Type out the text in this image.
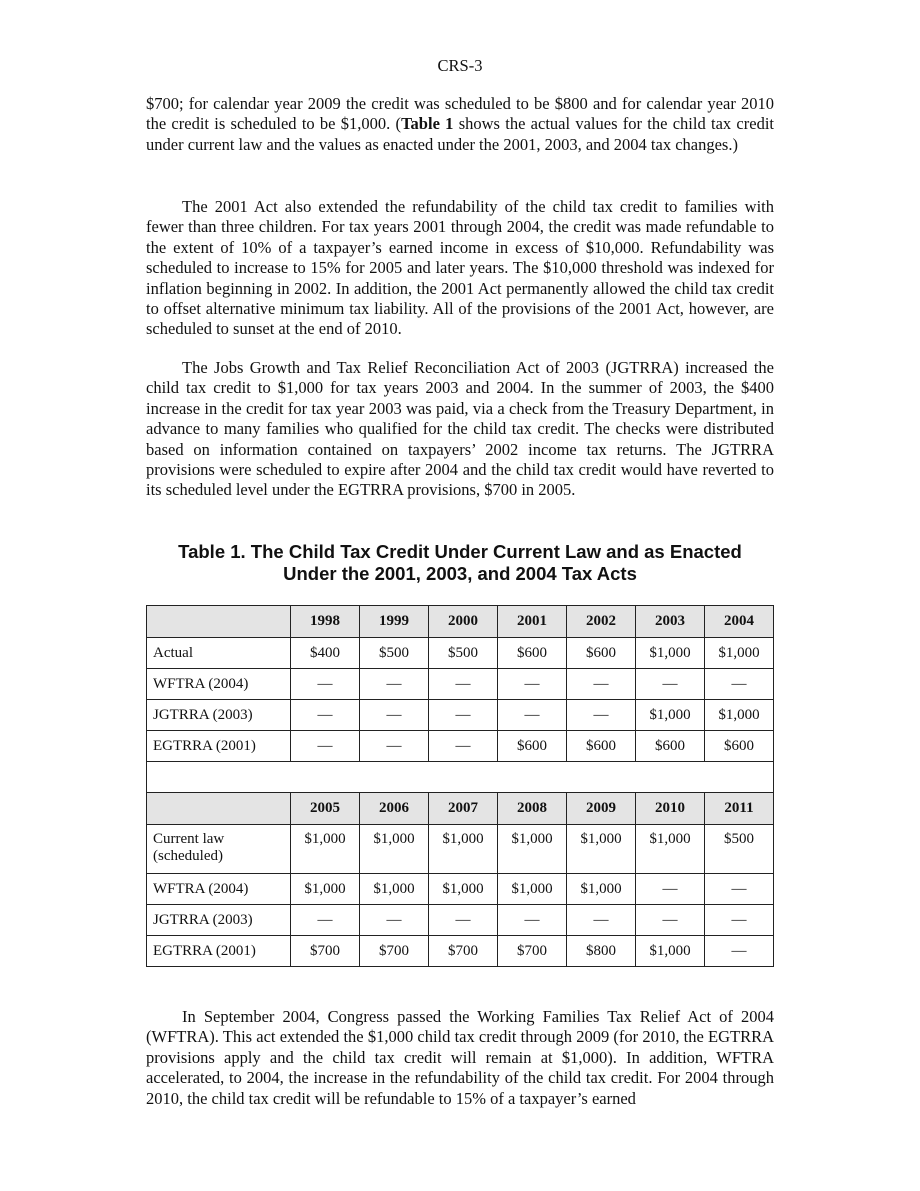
CRS-3

$700; for calendar year 2009 the credit was scheduled to be $800 and for calendar year 2010 the credit is scheduled to be $1,000. (Table 1 shows the actual values for the child tax credit under current law and the values as enacted under the 2001, 2003, and 2004 tax changes.)

The 2001 Act also extended the refundability of the child tax credit to families with fewer than three children. For tax years 2001 through 2004, the credit was made refundable to the extent of 10% of a taxpayer’s earned income in excess of $10,000. Refundability was scheduled to increase to 15% for 2005 and later years. The $10,000 threshold was indexed for inflation beginning in 2002. In addition, the 2001 Act permanently allowed the child tax credit to offset alternative minimum tax liability. All of the provisions of the 2001 Act, however, are scheduled to sunset at the end of 2010.

The Jobs Growth and Tax Relief Reconciliation Act of 2003 (JGTRRA) increased the child tax credit to $1,000 for tax years 2003 and 2004. In the summer of 2003, the $400 increase in the credit for tax year 2003 was paid, via a check from the Treasury Department, in advance to many families who qualified for the child tax credit. The checks were distributed based on information contained on taxpayers’ 2002 income tax returns. The JGTRRA provisions were scheduled to expire after 2004 and the child tax credit would have reverted to its scheduled level under the EGTRRA provisions, $700 in 2005.

Table 1. The Child Tax Credit Under Current Law and as Enacted
Under the 2001, 2003, and 2004 Tax Acts
	1998	1999	2000	2001	2002	2003	2004
Actual	$400	$500	$500	$600	$600	$1,000	$1,000
WFTRA (2004)	—	—	—	—	—	—	—
JGTRRA (2003)	—	—	—	—	—	$1,000	$1,000
EGTRRA (2001)	—	—	—	$600	$600	$600	$600

	2005	2006	2007	2008	2009	2010	2011
Current law (scheduled)	$1,000	$1,000	$1,000	$1,000	$1,000	$1,000	$500
WFTRA (2004)	$1,000	$1,000	$1,000	$1,000	$1,000	—	—
JGTRRA (2003)	—	—	—	—	—	—	—
EGTRRA (2001)	$700	$700	$700	$700	$800	$1,000	—

In September 2004, Congress passed the Working Families Tax Relief Act of 2004 (WFTRA). This act extended the $1,000 child tax credit through 2009 (for 2010, the EGTRRA provisions apply and the child tax credit will remain at $1,000). In addition, WFTRA accelerated, to 2004, the increase in the refundability of the child tax credit. For 2004 through 2010, the child tax credit will be refundable to 15% of a taxpayer’s earned
